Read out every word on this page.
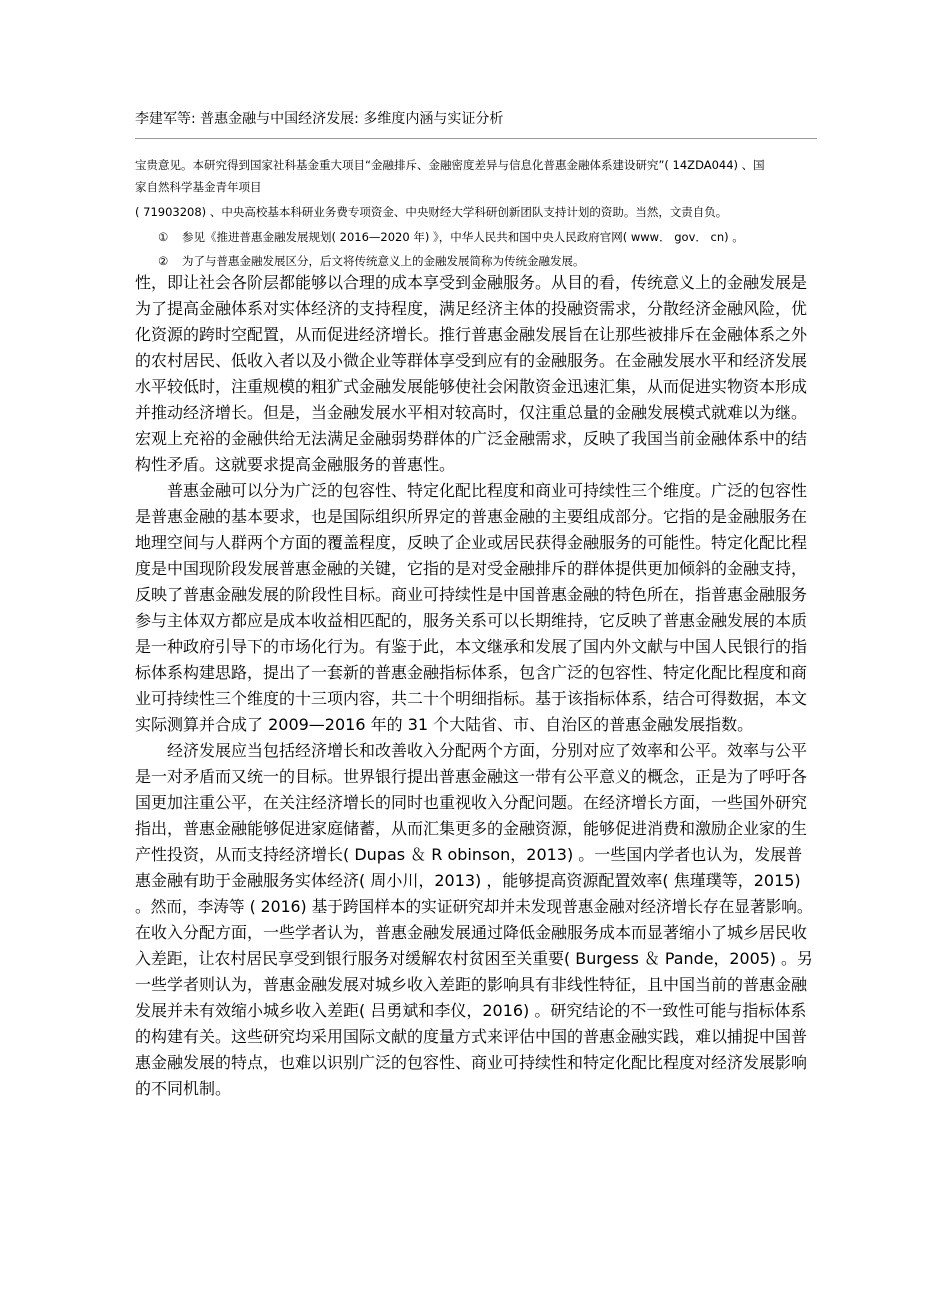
李建军等: 普惠金融与中国经济发展: 多维度内涵与实证分析
宝贵意见。本研究得到国家社科基金重大项目“金融排斥、金融密度差异与信息化普惠金融体系建设研究”( 14ZDA044) 、国
家自然科学基金青年项目
( 71903208) 、中央高校基本科研业务费专项资金、中央财经大学科研创新团队支持计划的资助。当然，文责自负。
① 参见《推进普惠金融发展规划( 2016—2020 年) 》，中华人民共和国中央人民政府官网( www． gov． cn) 。
② 为了与普惠金融发展区分，后文将传统意义上的金融发展简称为传统金融发展。
性，即让社会各阶层都能够以合理的成本享受到金融服务。从目的看，传统意义上的金融发展是
为了提高金融体系对实体经济的支持程度，满足经济主体的投融资需求，分散经济金融风险，优
化资源的跨时空配置，从而促进经济增长。推行普惠金融发展旨在让那些被排斥在金融体系之外
的农村居民、低收入者以及小微企业等群体享受到应有的金融服务。在金融发展水平和经济发展
水平较低时，注重规模的粗犷式金融发展能够使社会闲散资金迅速汇集，从而促进实物资本形成
并推动经济增长。但是，当金融发展水平相对较高时，仅注重总量的金融发展模式就难以为继。
宏观上充裕的金融供给无法满足金融弱势群体的广泛金融需求，反映了我国当前金融体系中的结
构性矛盾。这就要求提高金融服务的普惠性。
普惠金融可以分为广泛的包容性、特定化配比程度和商业可持续性三个维度。广泛的包容性
是普惠金融的基本要求，也是国际组织所界定的普惠金融的主要组成部分。它指的是金融服务在
地理空间与人群两个方面的覆盖程度，反映了企业或居民获得金融服务的可能性。特定化配比程
度是中国现阶段发展普惠金融的关键，它指的是对受金融排斥的群体提供更加倾斜的金融支持，
反映了普惠金融发展的阶段性目标。商业可持续性是中国普惠金融的特色所在，指普惠金融服务
参与主体双方都应是成本收益相匹配的，服务关系可以长期维持，它反映了普惠金融发展的本质
是一种政府引导下的市场化行为。有鉴于此，本文继承和发展了国内外文献与中国人民银行的指
标体系构建思路，提出了一套新的普惠金融指标体系，包含广泛的包容性、特定化配比程度和商
业可持续性三个维度的十三项内容，共二十个明细指标。基于该指标体系，结合可得数据，本文
实际测算并合成了 2009—2016 年的 31 个大陆省、市、自治区的普惠金融发展指数。
经济发展应当包括经济增长和改善收入分配两个方面，分别对应了效率和公平。效率与公平
是一对矛盾而又统一的目标。世界银行提出普惠金融这一带有公平意义的概念，正是为了呼吁各
国更加注重公平，在关注经济增长的同时也重视收入分配问题。在经济增长方面，一些国外研究
指出，普惠金融能够促进家庭储蓄，从而汇集更多的金融资源，能够促进消费和激励企业家的生
产性投资，从而支持经济增长( Dupas ＆ R obinson，2013) 。一些国内学者也认为，发展普
惠金融有助于金融服务实体经济( 周小川，2013) ，能够提高资源配置效率( 焦瑾璞等，2015)
。然而，李涛等 ( 2016) 基于跨国样本的实证研究却并未发现普惠金融对经济增长存在显著影响。
在收入分配方面，一些学者认为，普惠金融发展通过降低金融服务成本而显著缩小了城乡居民收
入差距，让农村居民享受到银行服务对缓解农村贫困至关重要( Burgess ＆ Pande，2005) 。另
一些学者则认为，普惠金融发展对城乡收入差距的影响具有非线性特征，且中国当前的普惠金融
发展并未有效缩小城乡收入差距( 吕勇斌和李仪，2016) 。研究结论的不一致性可能与指标体系
的构建有关。这些研究均采用国际文献的度量方式来评估中国的普惠金融实践，难以捕捉中国普
惠金融发展的特点，也难以识别广泛的包容性、商业可持续性和特定化配比程度对经济发展影响
的不同机制。
